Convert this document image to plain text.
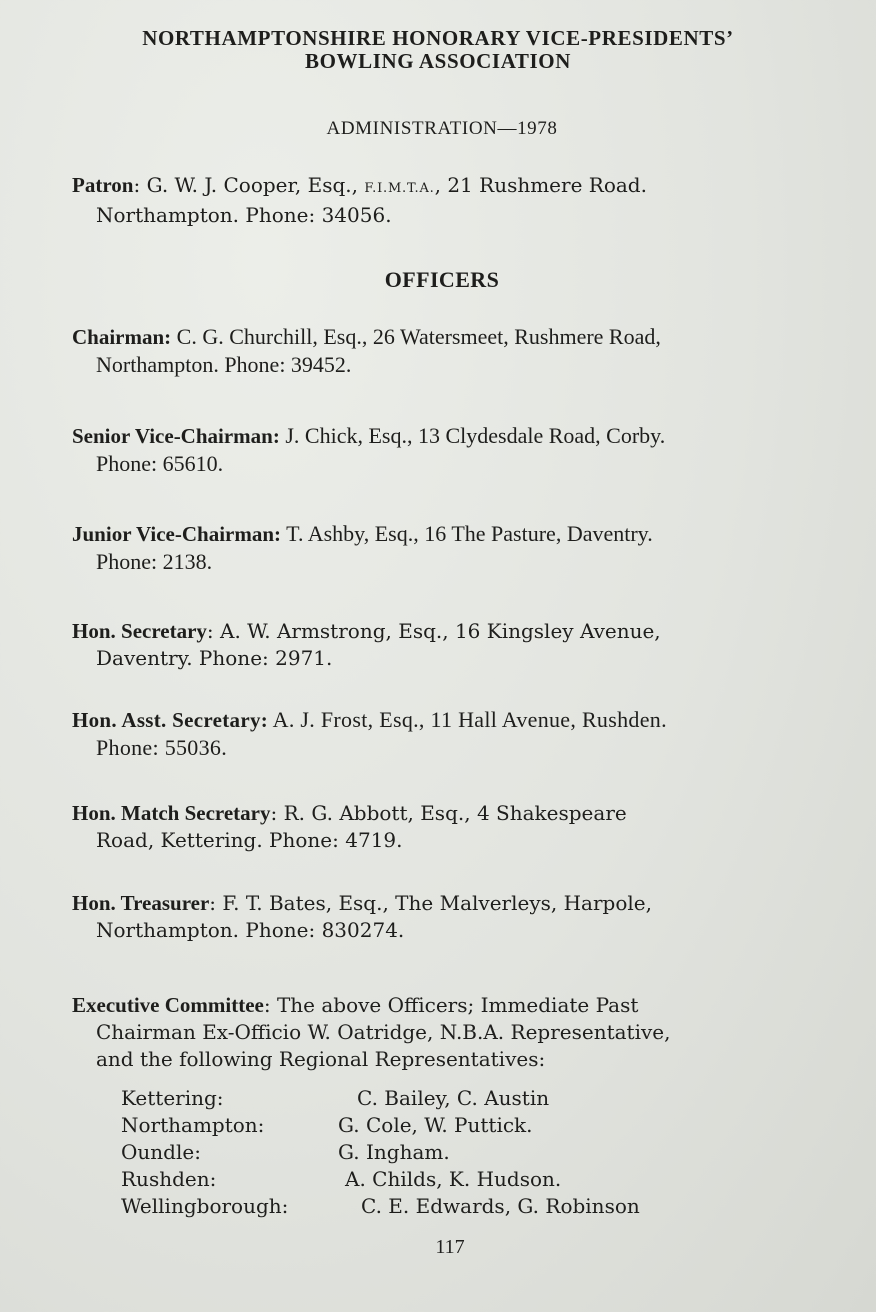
NORTHAMPTONSHIRE HONORARY VICE-PRESIDENTS’
BOWLING ASSOCIATION
ADMINISTRATION—1978
Patron: G. W. J. Cooper, Esq., F.I.M.T.A., 21 Rushmere Road.
Northampton. Phone: 34056.
OFFICERS
Chairman: C. G. Churchill, Esq., 26 Watersmeet, Rushmere Road,
Northampton. Phone: 39452.
Senior Vice-Chairman: J. Chick, Esq., 13 Clydesdale Road, Corby.
Phone: 65610.
Junior Vice-Chairman: T. Ashby, Esq., 16 The Pasture, Daventry.
Phone: 2138.
Hon. Secretary: A. W. Armstrong, Esq., 16 Kingsley Avenue,
Daventry. Phone: 2971.
Hon. Asst. Secretary: A. J. Frost, Esq., 11 Hall Avenue, Rushden.
Phone: 55036.
Hon. Match Secretary: R. G. Abbott, Esq., 4 Shakespeare
Road, Kettering. Phone: 4719.
Hon. Treasurer: F. T. Bates, Esq., The Malverleys, Harpole,
Northampton. Phone: 830274.
Executive Committee: The above Officers; Immediate Past
Chairman Ex-Officio W. Oatridge, N.B.A. Representative,
and the following Regional Representatives:
Kettering:	C. Bailey, C. Austin
Northampton:	G. Cole, W. Puttick.
Oundle:	G. Ingham.
Rushden:	A. Childs, K. Hudson.
Wellingborough:	C. E. Edwards, G. Robinson
117
